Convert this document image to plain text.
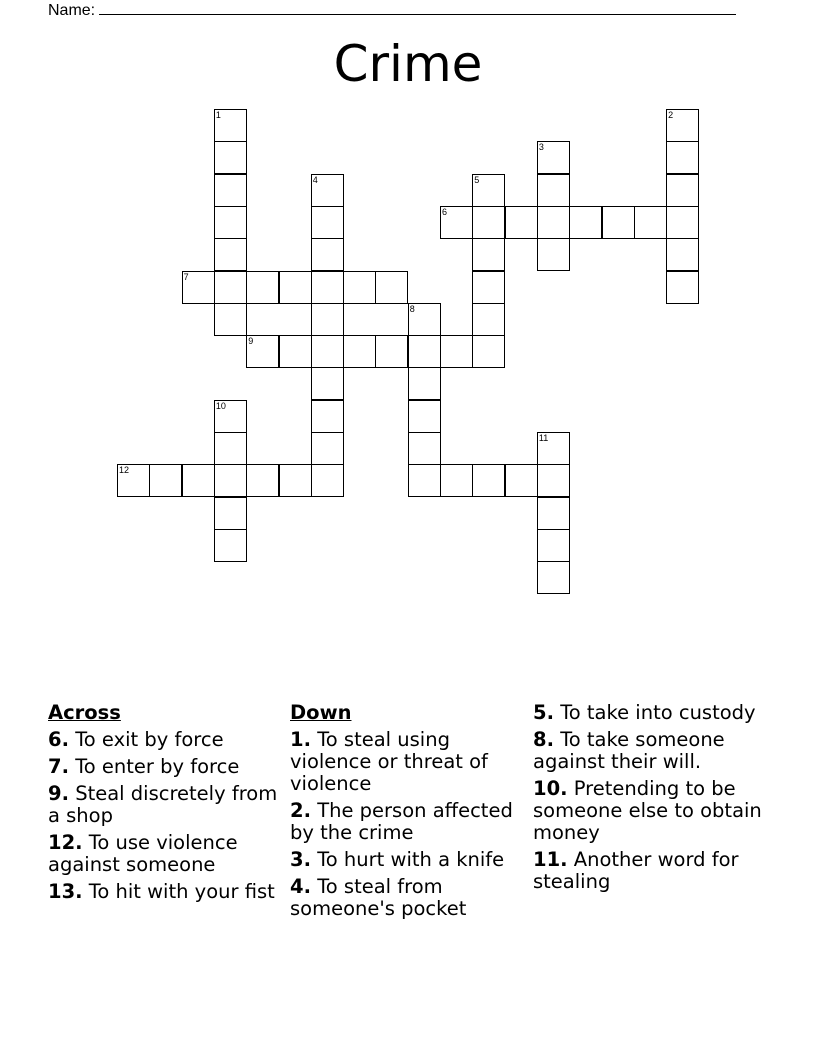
Name:
Crime
1	2
3
4	5
6
7
8
9
10
11
12
Across
6. To exit by force
7. To enter by force
9. Steal discretely from a shop
12. To use violence against someone
13. To hit with your fist
Down
1. To steal using violence or threat of violence
2. The person affected by the crime
3. To hurt with a knife
4. To steal from someone's pocket
5. To take into custody
8. To take someone against their will.
10. Pretending to be someone else to obtain money
11. Another word for stealing
